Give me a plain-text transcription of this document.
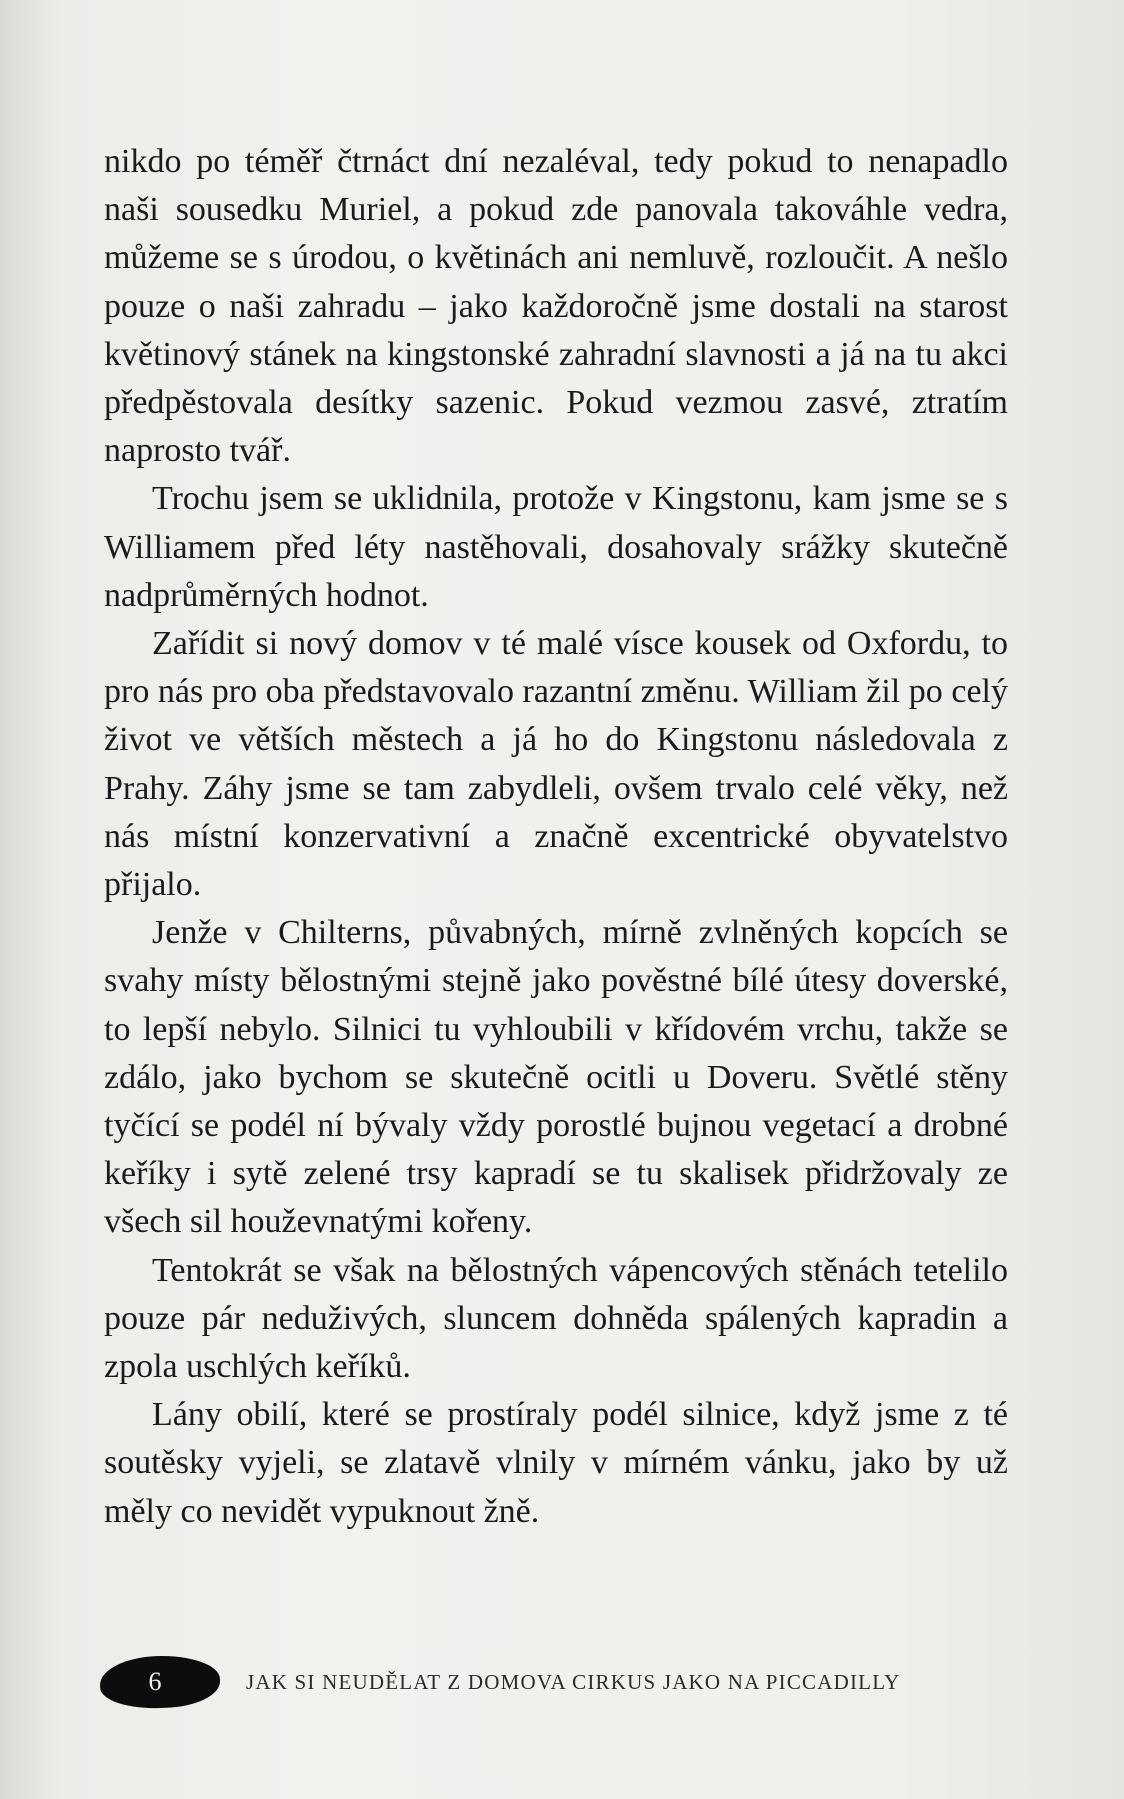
nikdo po téměř čtrnáct dní nezaléval, tedy pokud to nenapadlo naši sousedku Muriel, a pokud zde panovala takováhle vedra, můžeme se s úrodou, o květinách ani nemluvě, rozloučit. A nešlo pouze o naši zahradu – jako každoročně jsme dostali na starost květinový stánek na kingstonské zahradní slavnosti a já na tu akci předpěstovala desítky sazenic. Pokud vezmou zasvé, ztratím naprosto tvář.

Trochu jsem se uklidnila, protože v Kingstonu, kam jsme se s Williamem před léty nastěhovali, dosahovaly srážky skutečně nadprůměrných hodnot.

Zařídit si nový domov v té malé vísce kousek od Oxfordu, to pro nás pro oba představovalo razantní změnu. William žil po celý život ve větších městech a já ho do Kingstonu následovala z Prahy. Záhy jsme se tam zabydleli, ovšem trvalo celé věky, než nás místní konzervativní a značně excentrické obyvatelstvo přijalo.

Jenže v Chilterns, půvabných, mírně zvlněných kopcích se svahy místy bělostnými stejně jako pověstné bílé útesy doverské, to lepší nebylo. Silnici tu vyhloubili v křídovém vrchu, takže se zdálo, jako bychom se skutečně ocitli u Doveru. Světlé stěny tyčící se podél ní bývaly vždy porostlé bujnou vegetací a drobné keříky i sytě zelené trsy kapradí se tu skalisek přidržovaly ze všech sil houževnatými kořeny.

Tentokrát se však na bělostných vápencových stěnách tetelilo pouze pár neduživých, sluncem dohněda spálených kapradin a zpola uschlých keříků.

Lány obilí, které se prostíraly podél silnice, když jsme z té soutěsky vyjeli, se zlatavě vlnily v mírném vánku, jako by už měly co nevidět vypuknout žně.

6	JAK SI NEUDĚLAT Z DOMOVA CIRKUS JAKO NA PICCADILLY
